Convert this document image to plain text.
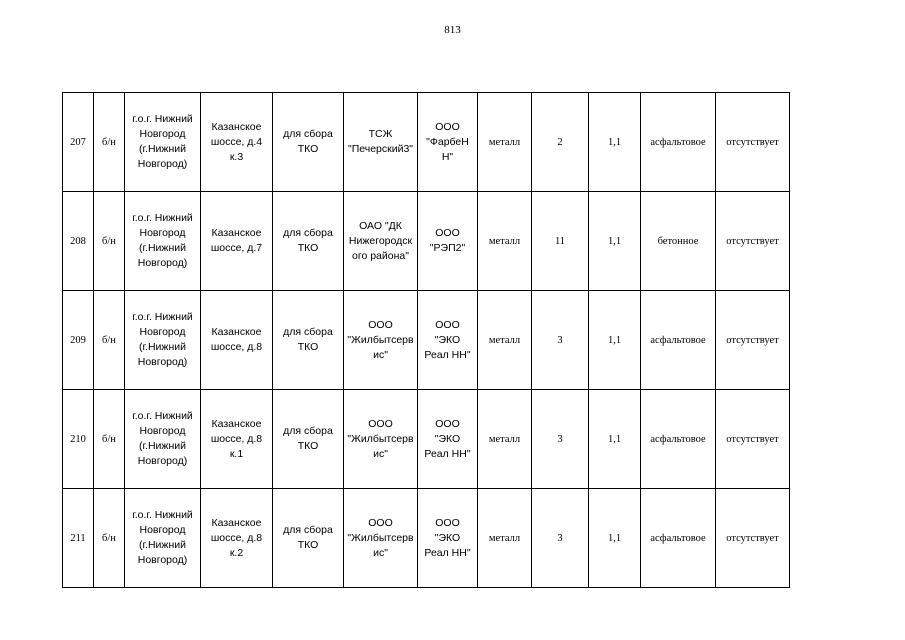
813
207	б/н	г.о.г. Нижний
Новгород
(г.Нижний
Новгород)	Казанское
шоссе, д.4
к.3	для сбора
ТКО	ТСЖ
"Печерский3"	ООО
"ФарбеН
Н"	металл	2	1,1	асфальтовое	отсутствует
208	б/н	г.о.г. Нижний
Новгород
(г.Нижний
Новгород)	Казанское
шоссе, д.7	для сбора
ТКО	ОАО "ДК
Нижегородск
ого района"	ООО
"РЭП2"	металл	11	1,1	бетонное	отсутствует
209	б/н	г.о.г. Нижний
Новгород
(г.Нижний
Новгород)	Казанское
шоссе, д.8	для сбора
ТКО	ООО
"Жилбытсерв
ис"	ООО
"ЭКО
Реал НН"	металл	3	1,1	асфальтовое	отсутствует
210	б/н	г.о.г. Нижний
Новгород
(г.Нижний
Новгород)	Казанское
шоссе, д.8
к.1	для сбора
ТКО	ООО
"Жилбытсерв
ис"	ООО
"ЭКО
Реал НН"	металл	3	1,1	асфальтовое	отсутствует
211	б/н	г.о.г. Нижний
Новгород
(г.Нижний
Новгород)	Казанское
шоссе, д.8
к.2	для сбора
ТКО	ООО
"Жилбытсерв
ис"	ООО
"ЭКО
Реал НН"	металл	3	1,1	асфальтовое	отсутствует
